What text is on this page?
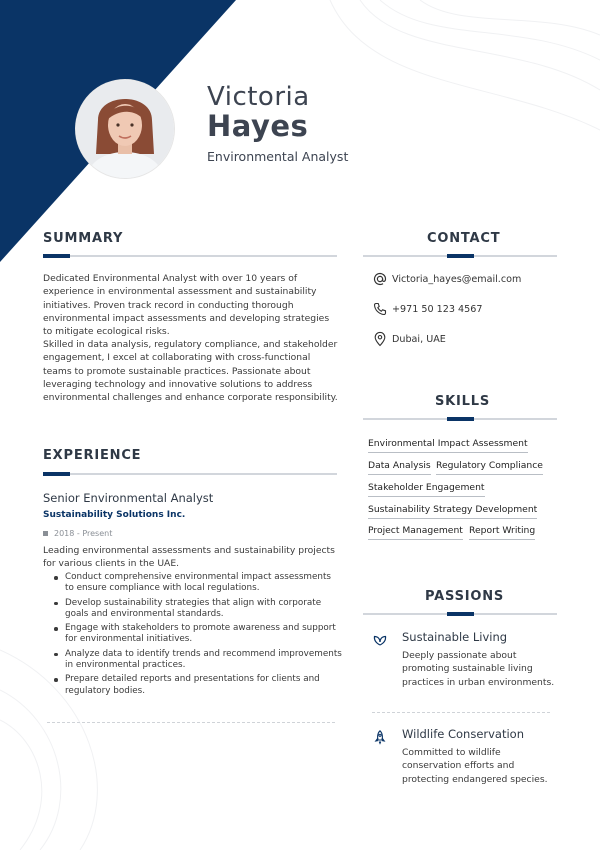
Victoria
Hayes
Environmental Analyst
SUMMARY
Dedicated Environmental Analyst with over 10 years of experience in environmental assessment and sustainability initiatives. Proven track record in conducting thorough environmental impact assessments and developing strategies to mitigate ecological risks.
Skilled in data analysis, regulatory compliance, and stakeholder engagement, I excel at collaborating with cross-functional teams to promote sustainable practices. Passionate about leveraging technology and innovative solutions to address environmental challenges and enhance corporate responsibility.
EXPERIENCE
Senior Environmental Analyst
Sustainability Solutions Inc.
2018 - Present
Leading environmental assessments and sustainability projects for various clients in the UAE.
Conduct comprehensive environmental impact assessments to ensure compliance with local regulations.
Develop sustainability strategies that align with corporate goals and environmental standards.
Engage with stakeholders to promote awareness and support for environmental initiatives.
Analyze data to identify trends and recommend improvements in environmental practices.
Prepare detailed reports and presentations for clients and regulatory bodies.
CONTACT
Victoria_hayes@email.com
+971 50 123 4567
Dubai, UAE
SKILLS
Environmental Impact Assessment
Data Analysis Regulatory Compliance
Stakeholder Engagement
Sustainability Strategy Development
Project Management Report Writing
PASSIONS
Sustainable Living
Deeply passionate about promoting sustainable living practices in urban environments.
Wildlife Conservation
Committed to wildlife conservation efforts and protecting endangered species.
